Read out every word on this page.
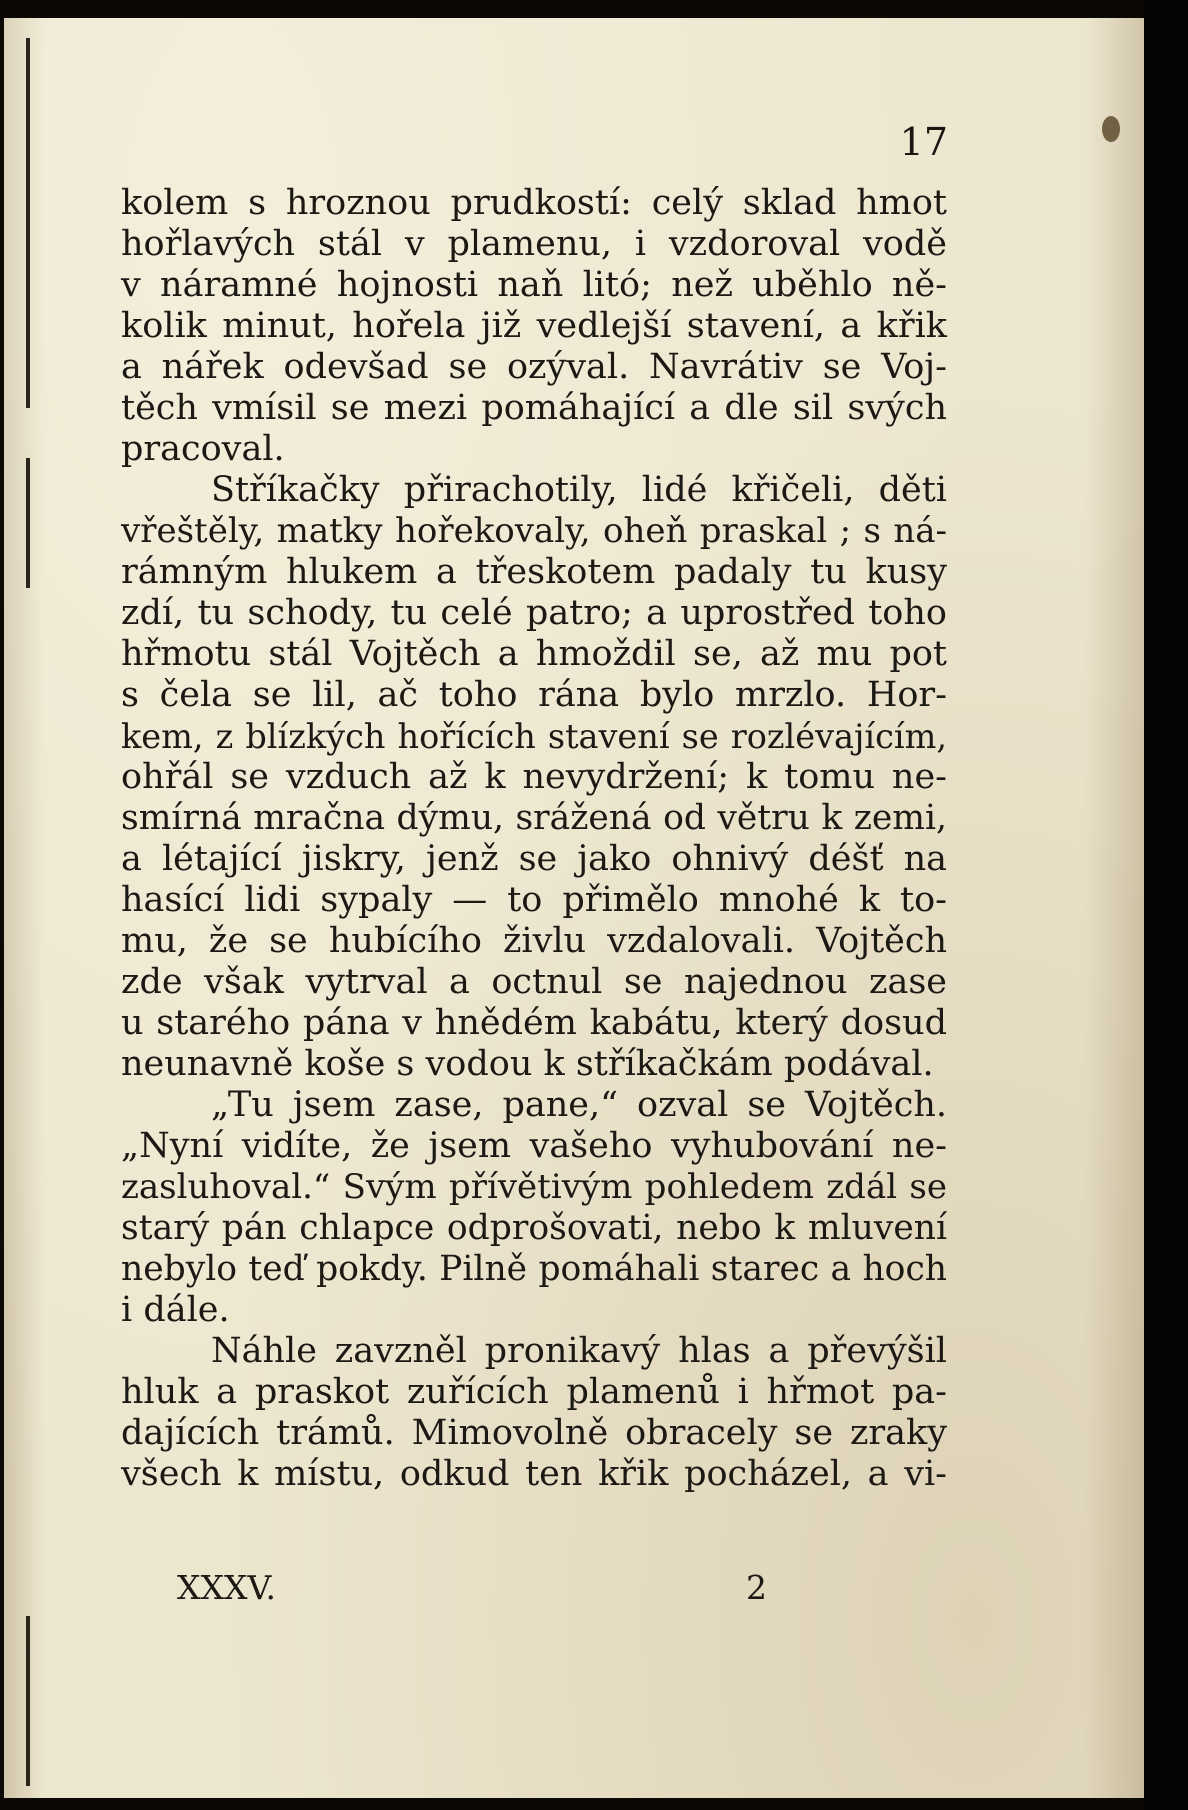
17

kolem s hroznou prudkostí: celý sklad hmot
hořlavých stál v plamenu, i vzdoroval vodě
v náramné hojnosti naň litó; než uběhlo ně-
kolik minut, hořela již vedlejší stavení, a křik
a nářek odevšad se ozýval. Navrátiv se Voj-
těch vmísil se mezi pomáhající a dle sil svých
pracoval.
Stříkačky přirachotily, lidé křičeli, děti
vřeštěly, matky hořekovaly, oheň praskal ; s ná-
rámným hlukem a třeskotem padaly tu kusy
zdí, tu schody, tu celé patro; a uprostřed toho
hřmotu stál Vojtěch a hmoždil se, až mu pot
s čela se lil, ač toho rána bylo mrzlo. Hor-
kem, z blízkých hořících stavení se rozlévajícím,
ohřál se vzduch až k nevydržení; k tomu ne-
smírná mračna dýmu, srážená od větru k zemi,
a létající jiskry, jenž se jako ohnivý déšť na
hasící lidi sypaly — to přimělo mnohé k to-
mu, že se hubícího živlu vzdalovali. Vojtěch
zde však vytrval a octnul se najednou zase
u starého pána v hnědém kabátu, který dosud
neunavně koše s vodou k stříkačkám podával.
„Tu jsem zase, pane,“ ozval se Vojtěch.
„Nyní vidíte, že jsem vašeho vyhubování ne-
zasluhoval.“ Svým přívětivým pohledem zdál se
starý pán chlapce odprošovati, nebo k mluvení
nebylo teď pokdy. Pilně pomáhali starec a hoch
i dále.
Náhle zavzněl pronikavý hlas a převýšil
hluk a praskot zuřících plamenů i hřmot pa-
dajících trámů. Mimovolně obracely se zraky
všech k místu, odkud ten křik pocházel, a vi-
XXXV.	2
